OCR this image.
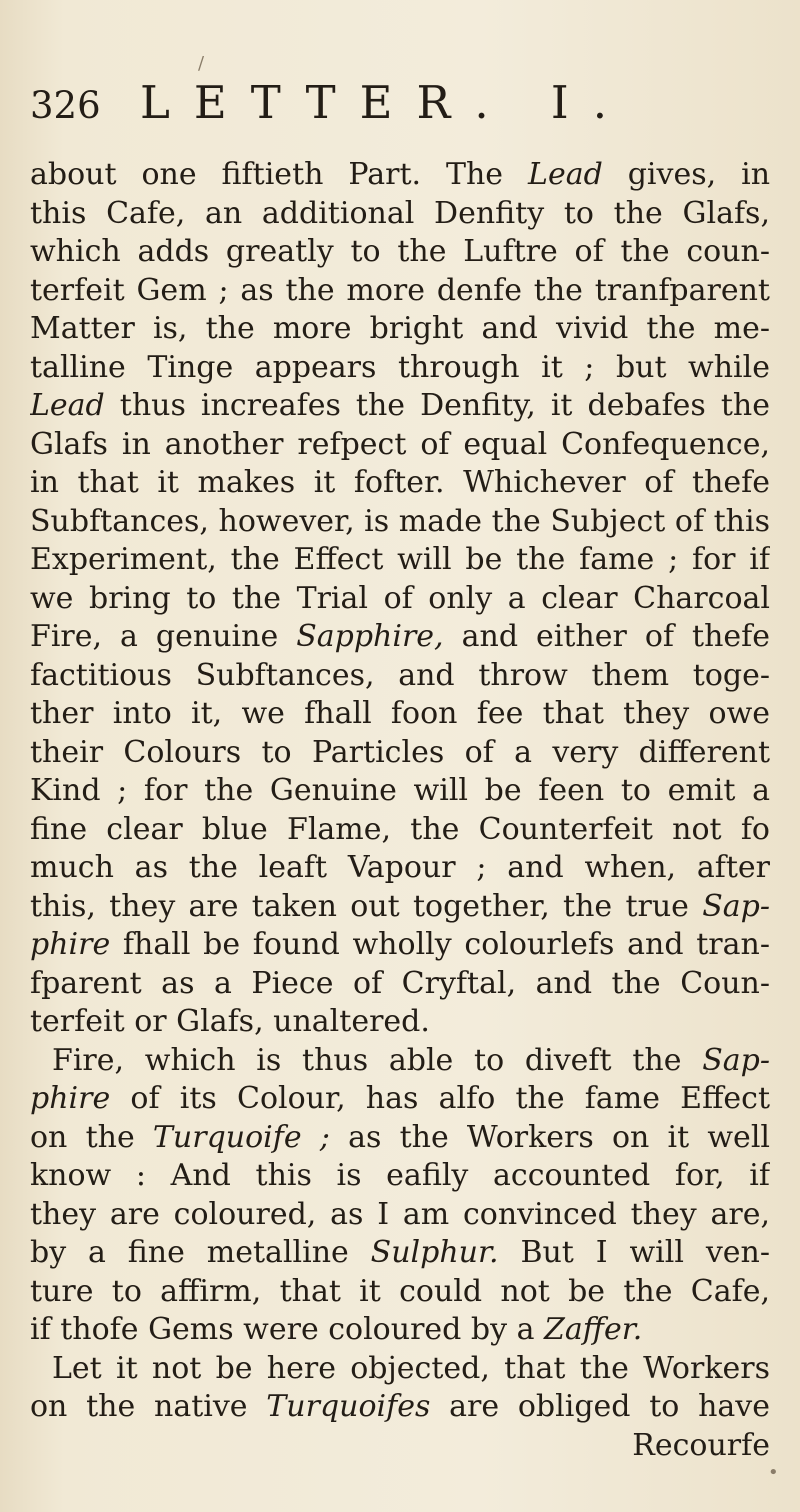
/
326 LETTER. I.
about one fiftieth Part. The Lead gives, in
this Cafe, an additional Denfity to the Glafs,
which adds greatly to the Luftre of the coun-
terfeit Gem ; as the more denfe the tranfparent
Matter is, the more bright and vivid the me-
talline Tinge appears through it ; but while
Lead thus increafes the Denfity, it debafes the
Glafs in another refpect of equal Confequence,
in that it makes it fofter. Whichever of thefe
Subftances, however, is made the Subject of this
Experiment, the Effect will be the fame ; for if
we bring to the Trial of only a clear Charcoal
Fire, a genuine Sapphire, and either of thefe
factitious Subftances, and throw them toge-
ther into it, we fhall foon fee that they owe
their Colours to Particles of a very different
Kind ; for the Genuine will be feen to emit a
fine clear blue Flame, the Counterfeit not fo
much as the leaft Vapour ; and when, after
this, they are taken out together, the true Sap-
phire fhall be found wholly colourlefs and tran-
fparent as a Piece of Cryftal, and the Coun-
terfeit or Glafs, unaltered.
Fire, which is thus able to diveft the Sap-
phire of its Colour, has alfo the fame Effect
on the Turquoife ; as the Workers on it well
know : And this is eafily accounted for, if
they are coloured, as I am convinced they are,
by a fine metalline Sulphur. But I will ven-
ture to affirm, that it could not be the Cafe,
if thofe Gems were coloured by a Zaffer.
Let it not be here objected, that the Workers
on the native Turquoifes are obliged to have
Recourfe
•
